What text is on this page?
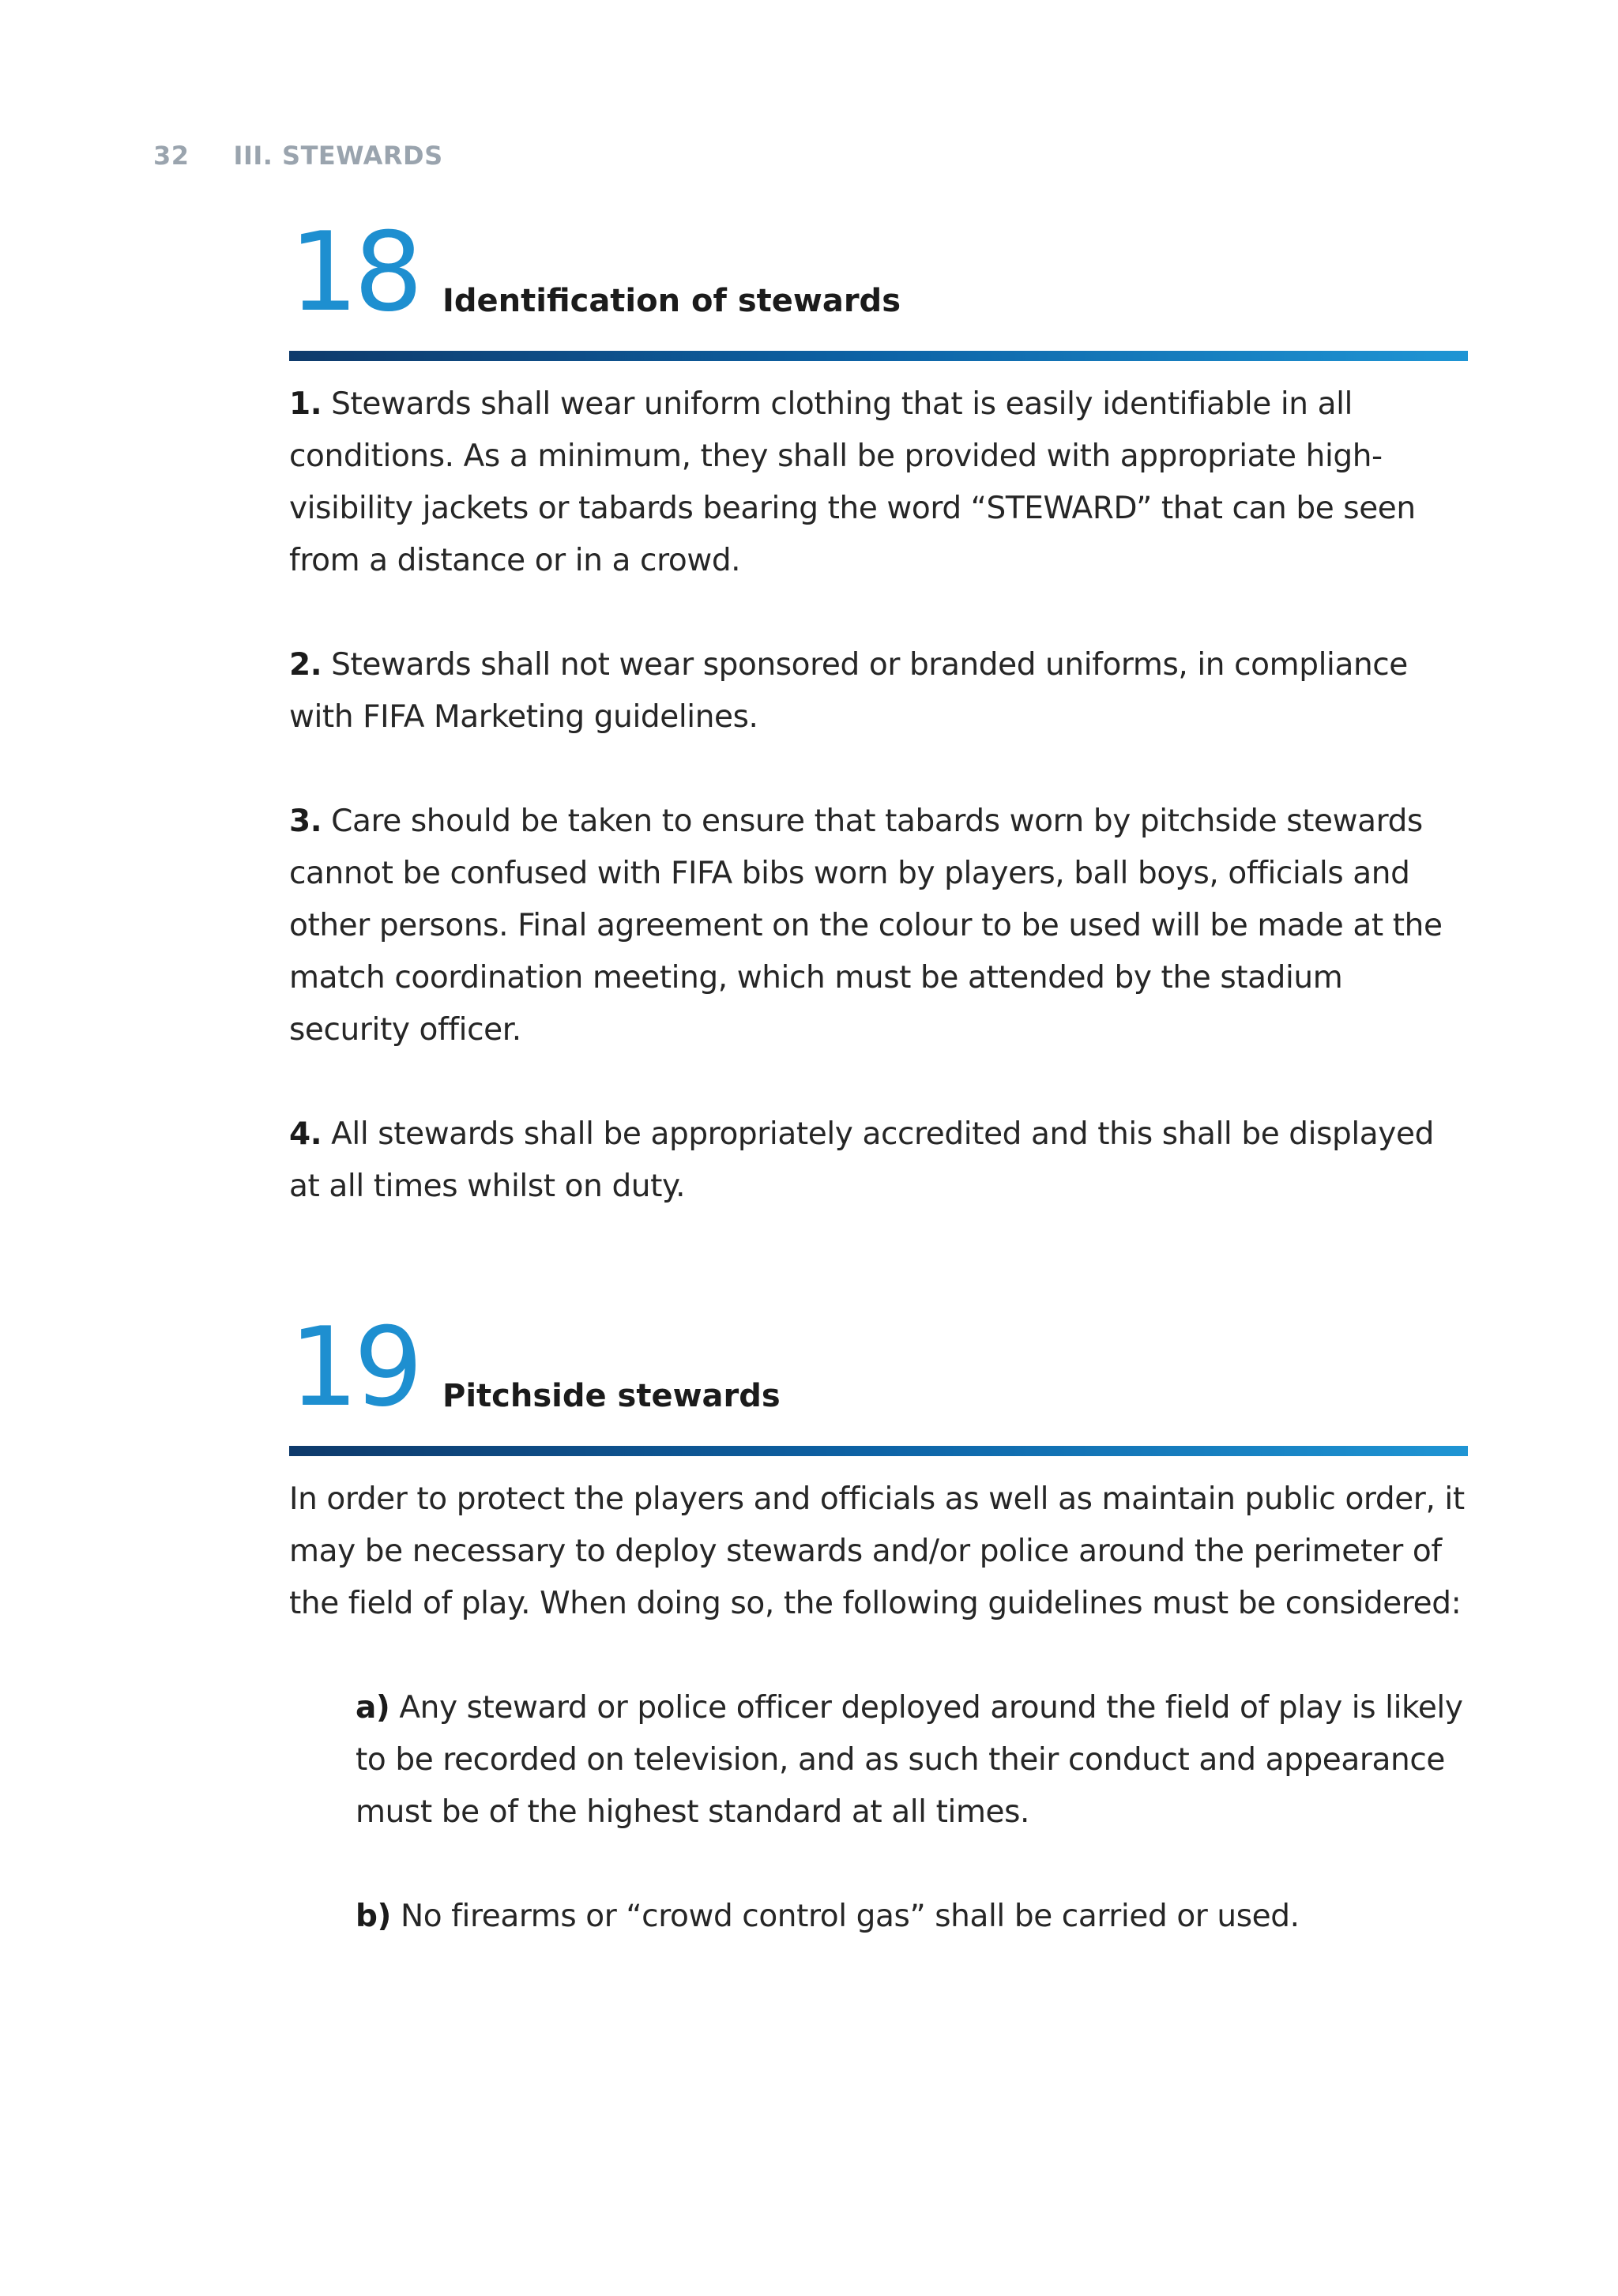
32 III. STEWARDS
18 Identification of stewards

1. Stewards shall wear uniform clothing that is easily identifiable in all conditions. As a minimum, they shall be provided with appropriate high-visibility jackets or tabards bearing the word “STEWARD” that can be seen from a distance or in a crowd.

2. Stewards shall not wear sponsored or branded uniforms, in compliance with FIFA Marketing guidelines.

3. Care should be taken to ensure that tabards worn by pitchside stewards cannot be confused with FIFA bibs worn by players, ball boys, officials and other persons. Final agreement on the colour to be used will be made at the match coordination meeting, which must be attended by the stadium security officer.

4. All stewards shall be appropriately accredited and this shall be displayed at all times whilst on duty.

19 Pitchside stewards

In order to protect the players and officials as well as maintain public order, it may be necessary to deploy stewards and/or police around the perimeter of the field of play. When doing so, the following guidelines must be considered:

a) Any steward or police officer deployed around the field of play is likely to be recorded on television, and as such their conduct and appearance must be of the highest standard at all times.

b) No firearms or “crowd control gas” shall be carried or used.
